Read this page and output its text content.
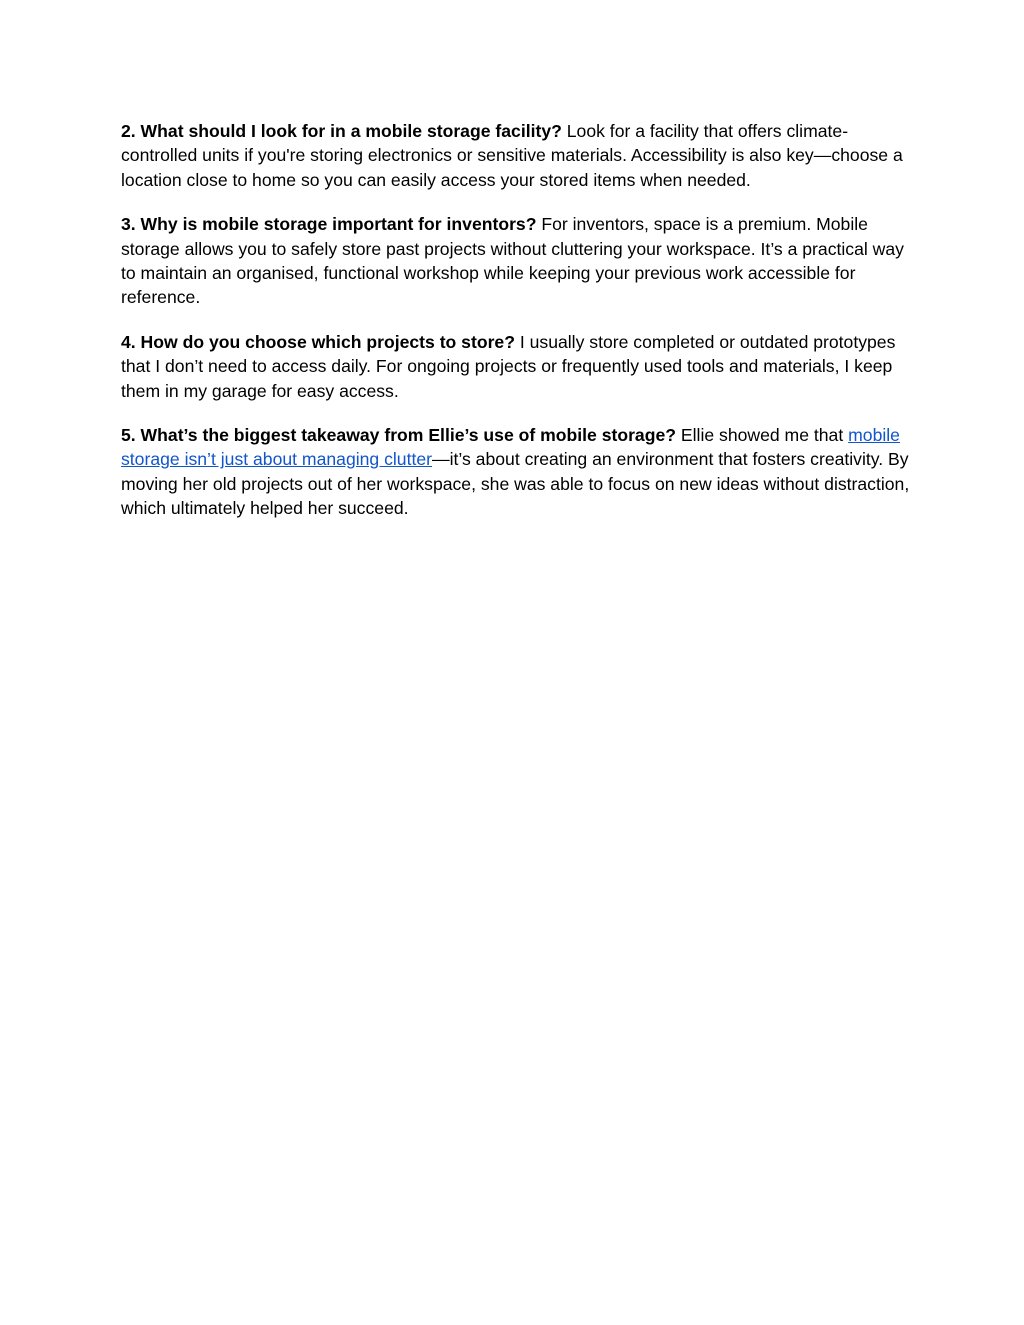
2. What should I look for in a mobile storage facility? Look for a facility that offers climate-controlled units if you're storing electronics or sensitive materials. Accessibility is also key—choose a location close to home so you can easily access your stored items when needed.

3. Why is mobile storage important for inventors? For inventors, space is a premium. Mobile storage allows you to safely store past projects without cluttering your workspace. It’s a practical way to maintain an organised, functional workshop while keeping your previous work accessible for reference.

4. How do you choose which projects to store? I usually store completed or outdated prototypes that I don’t need to access daily. For ongoing projects or frequently used tools and materials, I keep them in my garage for easy access.

5. What’s the biggest takeaway from Ellie’s use of mobile storage? Ellie showed me that mobile storage isn’t just about managing clutter—it’s about creating an environment that fosters creativity. By moving her old projects out of her workspace, she was able to focus on new ideas without distraction, which ultimately helped her succeed.
